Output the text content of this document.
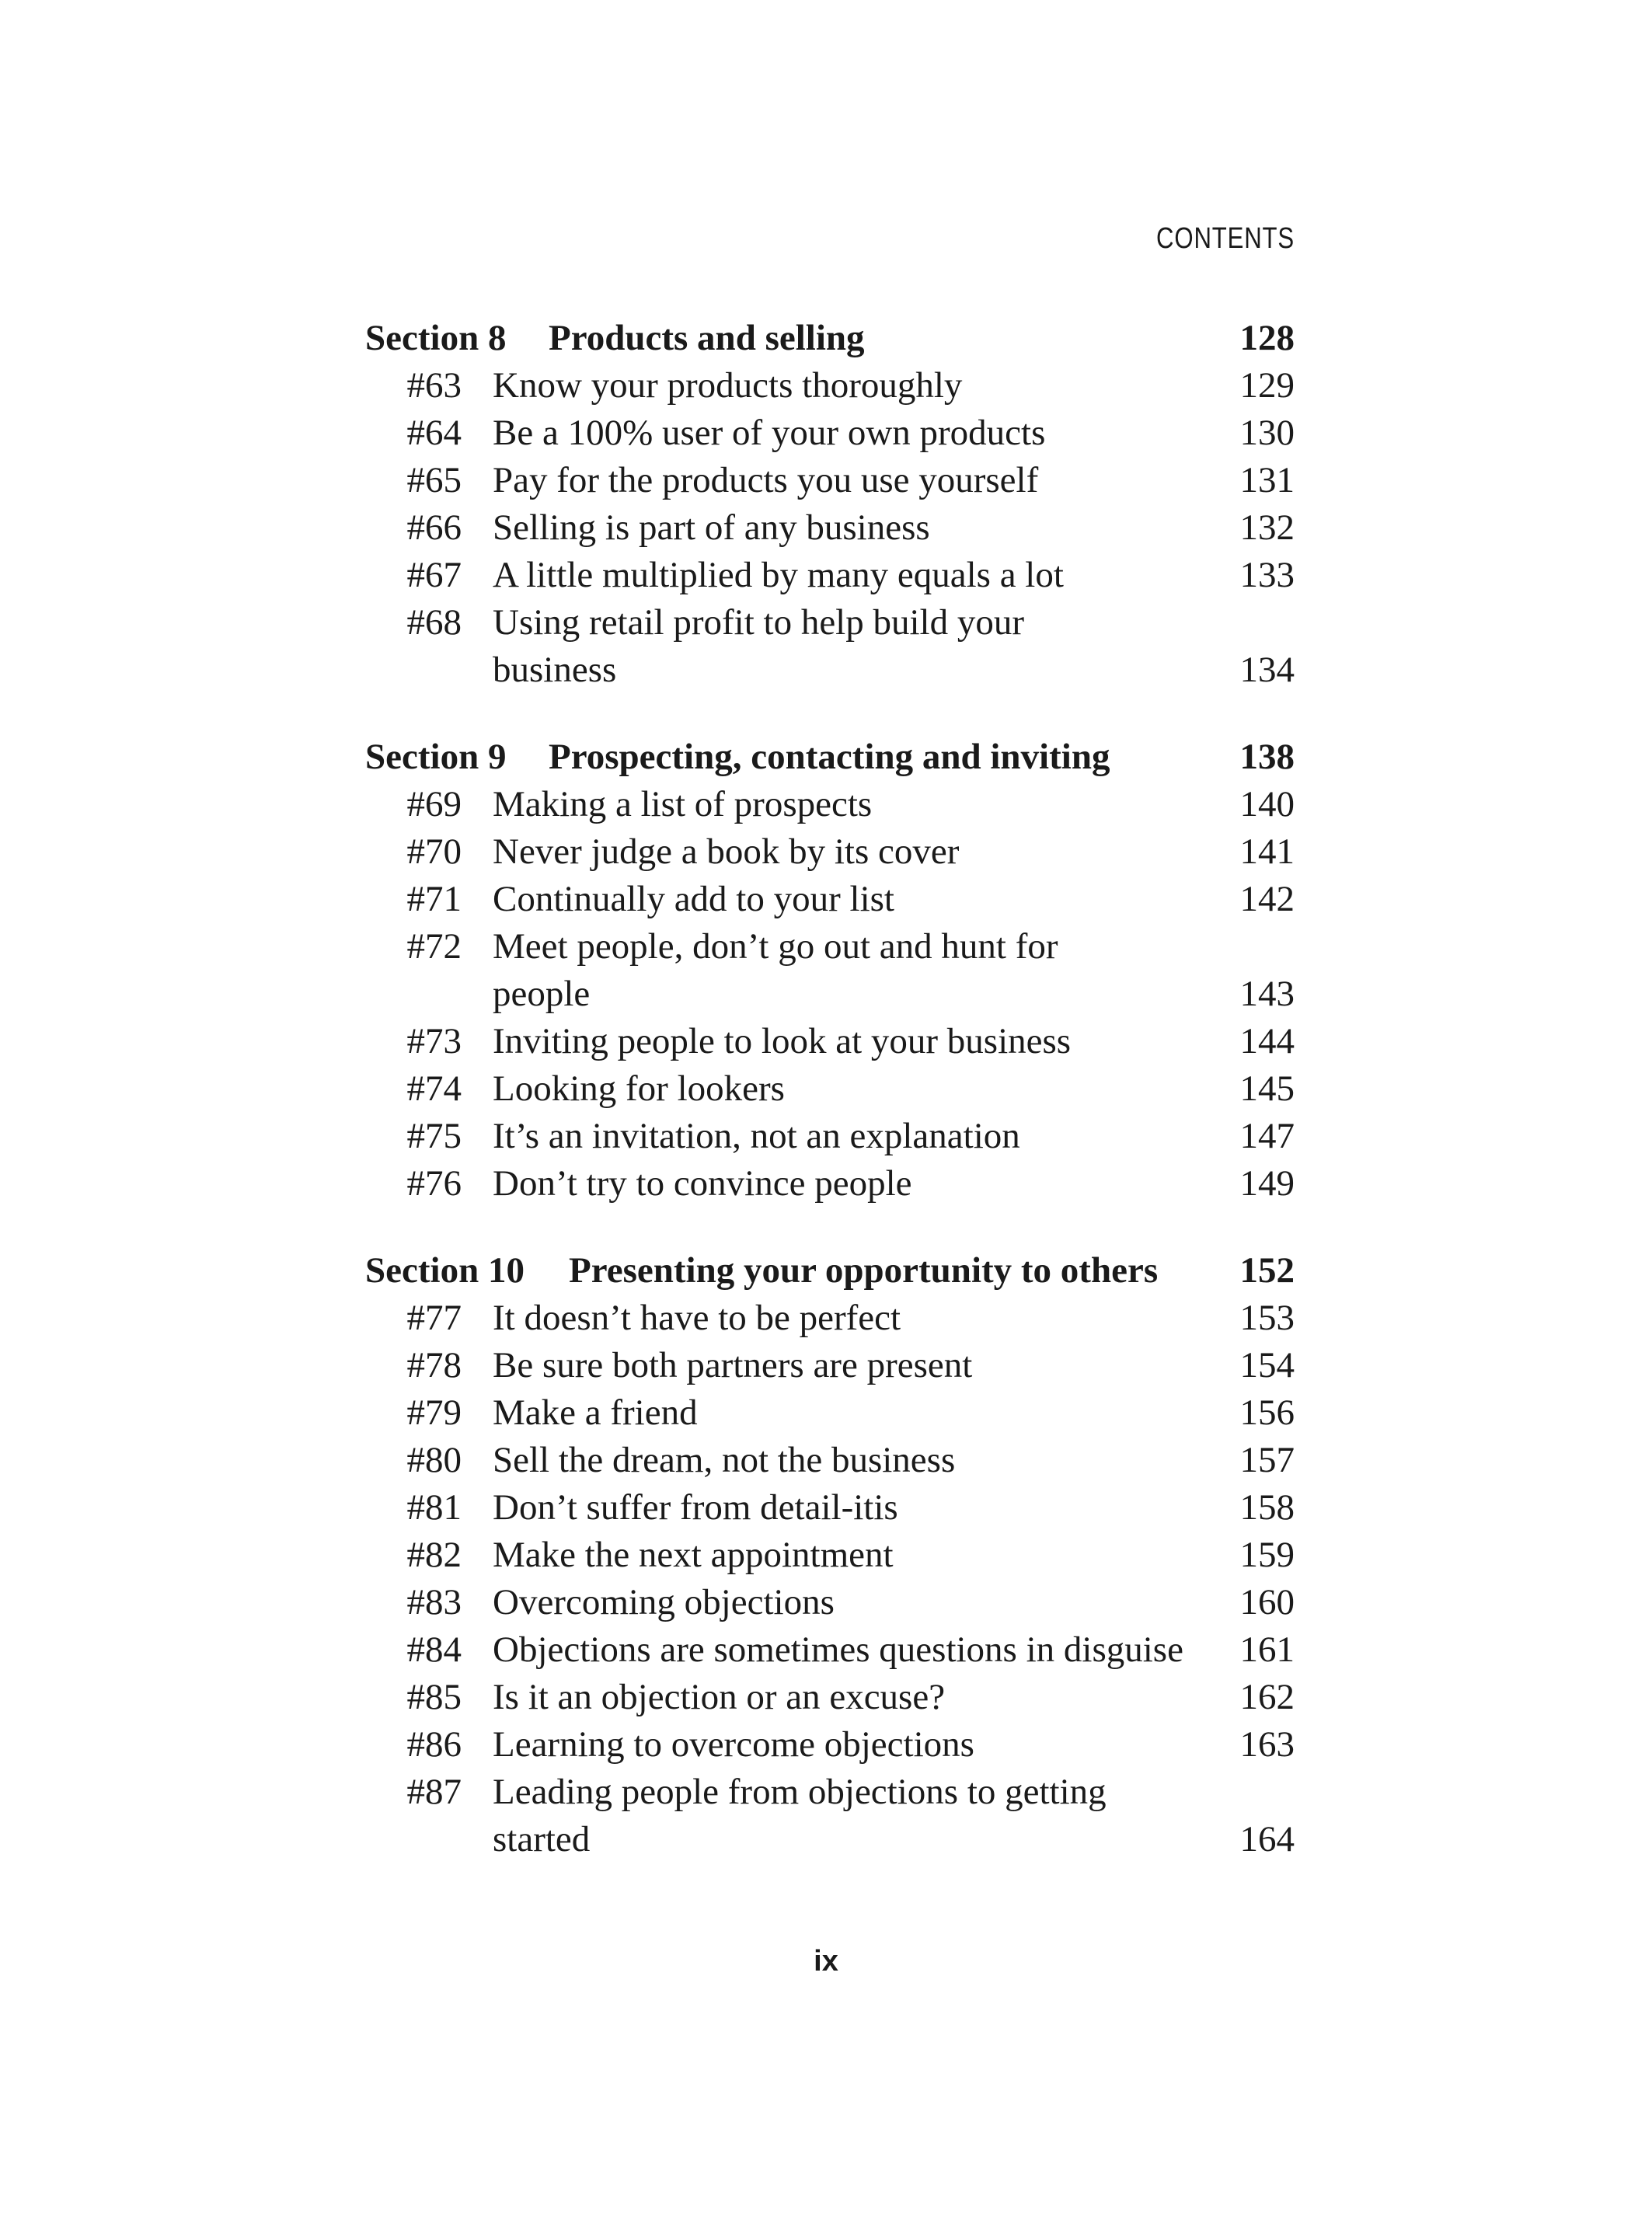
CONTENTS
Section 8 Products and selling	128
#63 Know your products thoroughly	129
#64 Be a 100% user of your own products	130
#65 Pay for the products you use yourself	131
#66 Selling is part of any business	132
#67 A little multiplied by many equals a lot	133
#68 Using retail profit to help build your
business	134
Section 9 Prospecting, contacting and inviting	138
#69 Making a list of prospects	140
#70 Never judge a book by its cover	141
#71 Continually add to your list	142
#72 Meet people, don’t go out and hunt for
people	143
#73 Inviting people to look at your business	144
#74 Looking for lookers	145
#75 It’s an invitation, not an explanation	147
#76 Don’t try to convince people	149
Section 10 Presenting your opportunity to others 152
#77 It doesn’t have to be perfect	153
#78 Be sure both partners are present	154
#79 Make a friend	156
#80 Sell the dream, not the business	157
#81 Don’t suffer from detail-itis	158
#82 Make the next appointment	159
#83 Overcoming objections	160
#84 Objections are sometimes questions in disguise 161
#85 Is it an objection or an excuse?	162
#86 Learning to overcome objections	163
#87 Leading people from objections to getting
started	164
ix
